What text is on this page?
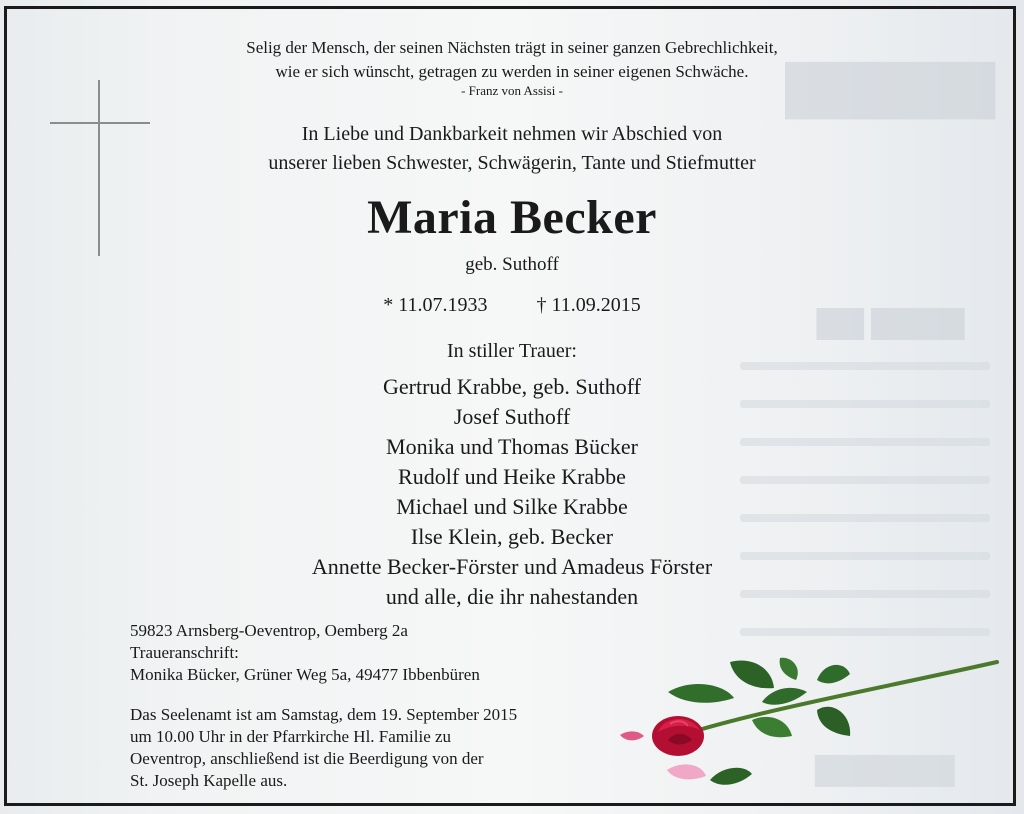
▇▇▇▇▇
▇▇ ▇▇▇▇
▇▇▇▇▇▇
Selig der Mensch, der seinen Nächsten trägt in seiner ganzen Gebrechlichkeit,
wie er sich wünscht, getragen zu werden in seiner eigenen Schwäche.
- Franz von Assisi -
In Liebe und Dankbarkeit nehmen wir Abschied von
unserer lieben Schwester, Schwägerin, Tante und Stiefmutter
Maria Becker
geb. Suthoff
* 11.07.1933 † 11.09.2015
In stiller Trauer:
Gertrud Krabbe, geb. Suthoff
Josef Suthoff
Monika und Thomas Bücker
Rudolf und Heike Krabbe
Michael und Silke Krabbe
Ilse Klein, geb. Becker
Annette Becker-Förster und Amadeus Förster
und alle, die ihr nahestanden
59823 Arnsberg-Oeventrop, Oemberg 2a
Traueranschrift:
Monika Bücker, Grüner Weg 5a, 49477 Ibbenbüren
Das Seelenamt ist am Samstag, dem 19. September 2015
um 10.00 Uhr in der Pfarrkirche Hl. Familie zu
Oeventrop, anschließend ist die Beerdigung von der
St. Joseph Kapelle aus.
